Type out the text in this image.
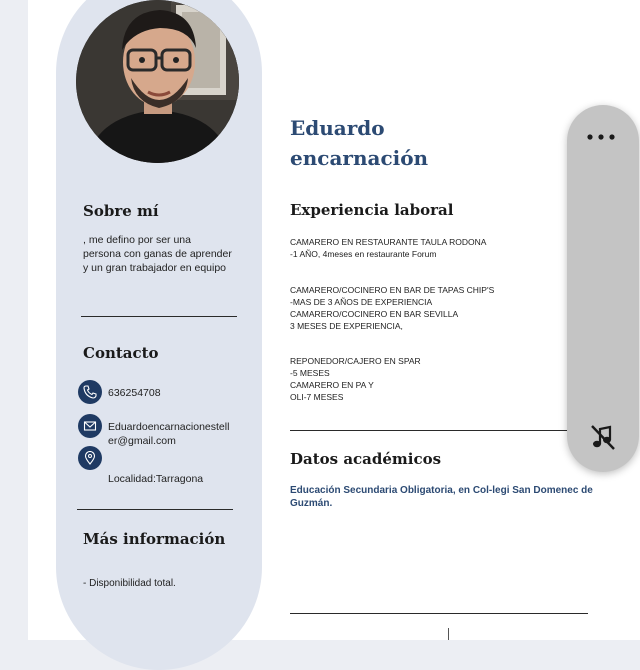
Sobre mí
, me defino por ser una
persona con ganas de aprender
y un gran trabajador en equipo
Contacto
636254708
Eduardoencarnacionestell
er@gmail.com
Localidad:Tarragona
Más información
- Disponibilidad total.
Eduardo
encarnación
Experiencia laboral
CAMARERO EN RESTAURANTE TAULA RODONA
-1 AÑO, 4meses en restaurante Forum
CAMARERO/COCINERO EN BAR DE TAPAS CHIP'S
-MAS DE 3 AÑOS DE EXPERIENCIA
CAMARERO/COCINERO EN BAR SEVILLA
3 MESES DE EXPERIENCIA,
REPONEDOR/CAJERO EN SPAR
-5 MESES
CAMARERO EN PA Y
OLI-7 MESES
Datos académicos
Educación Secundaria Obligatoria, en Col-legi San Domenec de Guzmán.
